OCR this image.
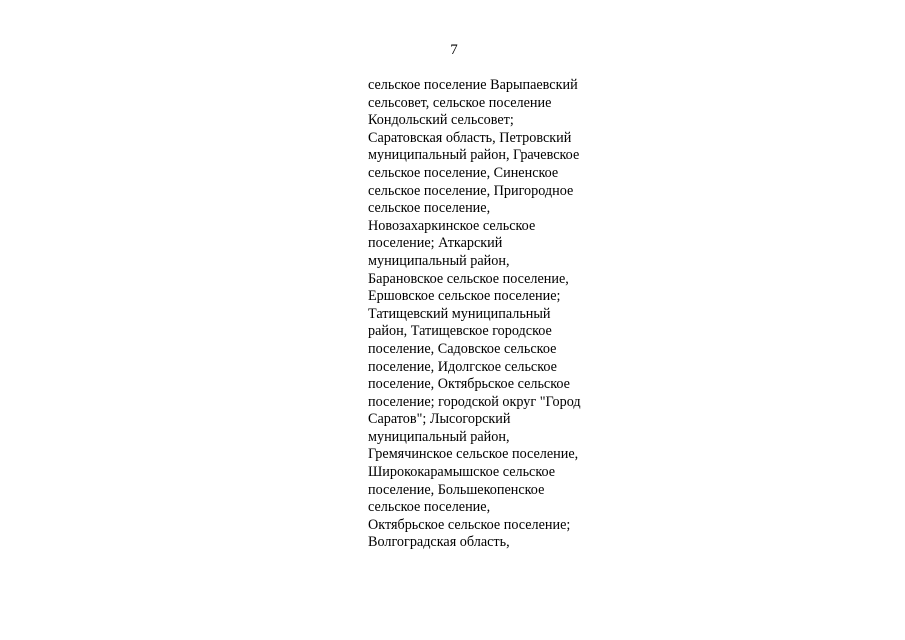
7
сельское поселение Варыпаевский
сельсовет, сельское поселение
Кондольский сельсовет;
Саратовская область, Петровский
муниципальный район, Грачевское
сельское поселение, Синенское
сельское поселение, Пригородное
сельское поселение,
Новозахаркинское сельское
поселение; Аткарский
муниципальный район,
Барановское сельское поселение,
Ершовское сельское поселение;
Татищевский муниципальный
район, Татищевское городское
поселение, Садовское сельское
поселение, Идолгское сельское
поселение, Октябрьское сельское
поселение; городской округ "Город
Саратов"; Лысогорский
муниципальный район,
Гремячинское сельское поселение,
Ширококарамышское сельское
поселение, Большекопенское
сельское поселение,
Октябрьское сельское поселение;
Волгоградская область,
